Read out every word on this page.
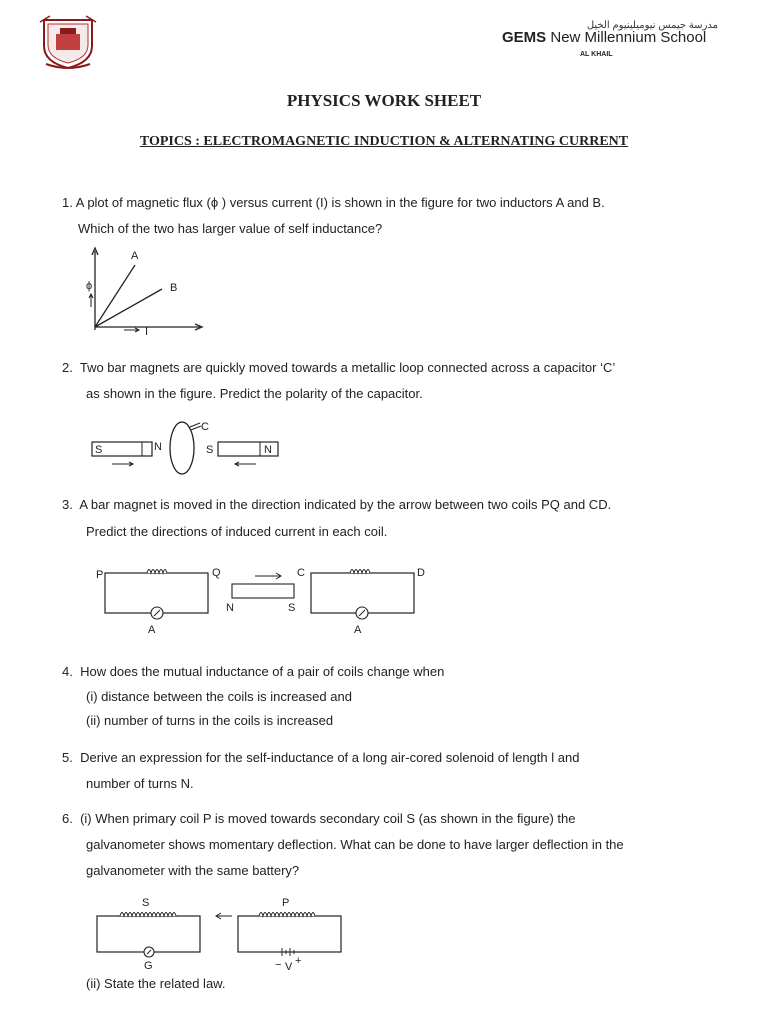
مدرسة جيمس نيوميلينيوم الخيل
GEMS New Millennium School
AL KHAIL
PHYSICS WORK SHEET
TOPICS : ELECTROMAGNETIC INDUCTION & ALTERNATING CURRENT
1. A plot of magnetic flux (ϕ ) versus current (I) is shown in the figure for two inductors A and B.
Which of the two has larger value of self inductance?
A
B
ϕ
I
2. Two bar magnets are quickly moved towards a metallic loop connected across a capacitor ‘C’
as shown in the figure. Predict the polarity of the capacitor.
S	N
C
S	N
3. A bar magnet is moved in the direction indicated by the arrow between two coils PQ and CD.
Predict the directions of induced current in each coil.
P
A
Q
N	S
C
A
D
4. How does the mutual inductance of a pair of coils change when
(i) distance between the coils is increased and
(ii) number of turns in the coils is increased
5. Derive an expression for the self-inductance of a long air-cored solenoid of length l and
number of turns N.
6. (i) When primary coil P is moved towards secondary coil S (as shown in the figure) the
galvanometer shows momentary deflection. What can be done to have larger deflection in the
galvanometer with the same battery?
S
G
P
− V +
(ii) State the related law.
